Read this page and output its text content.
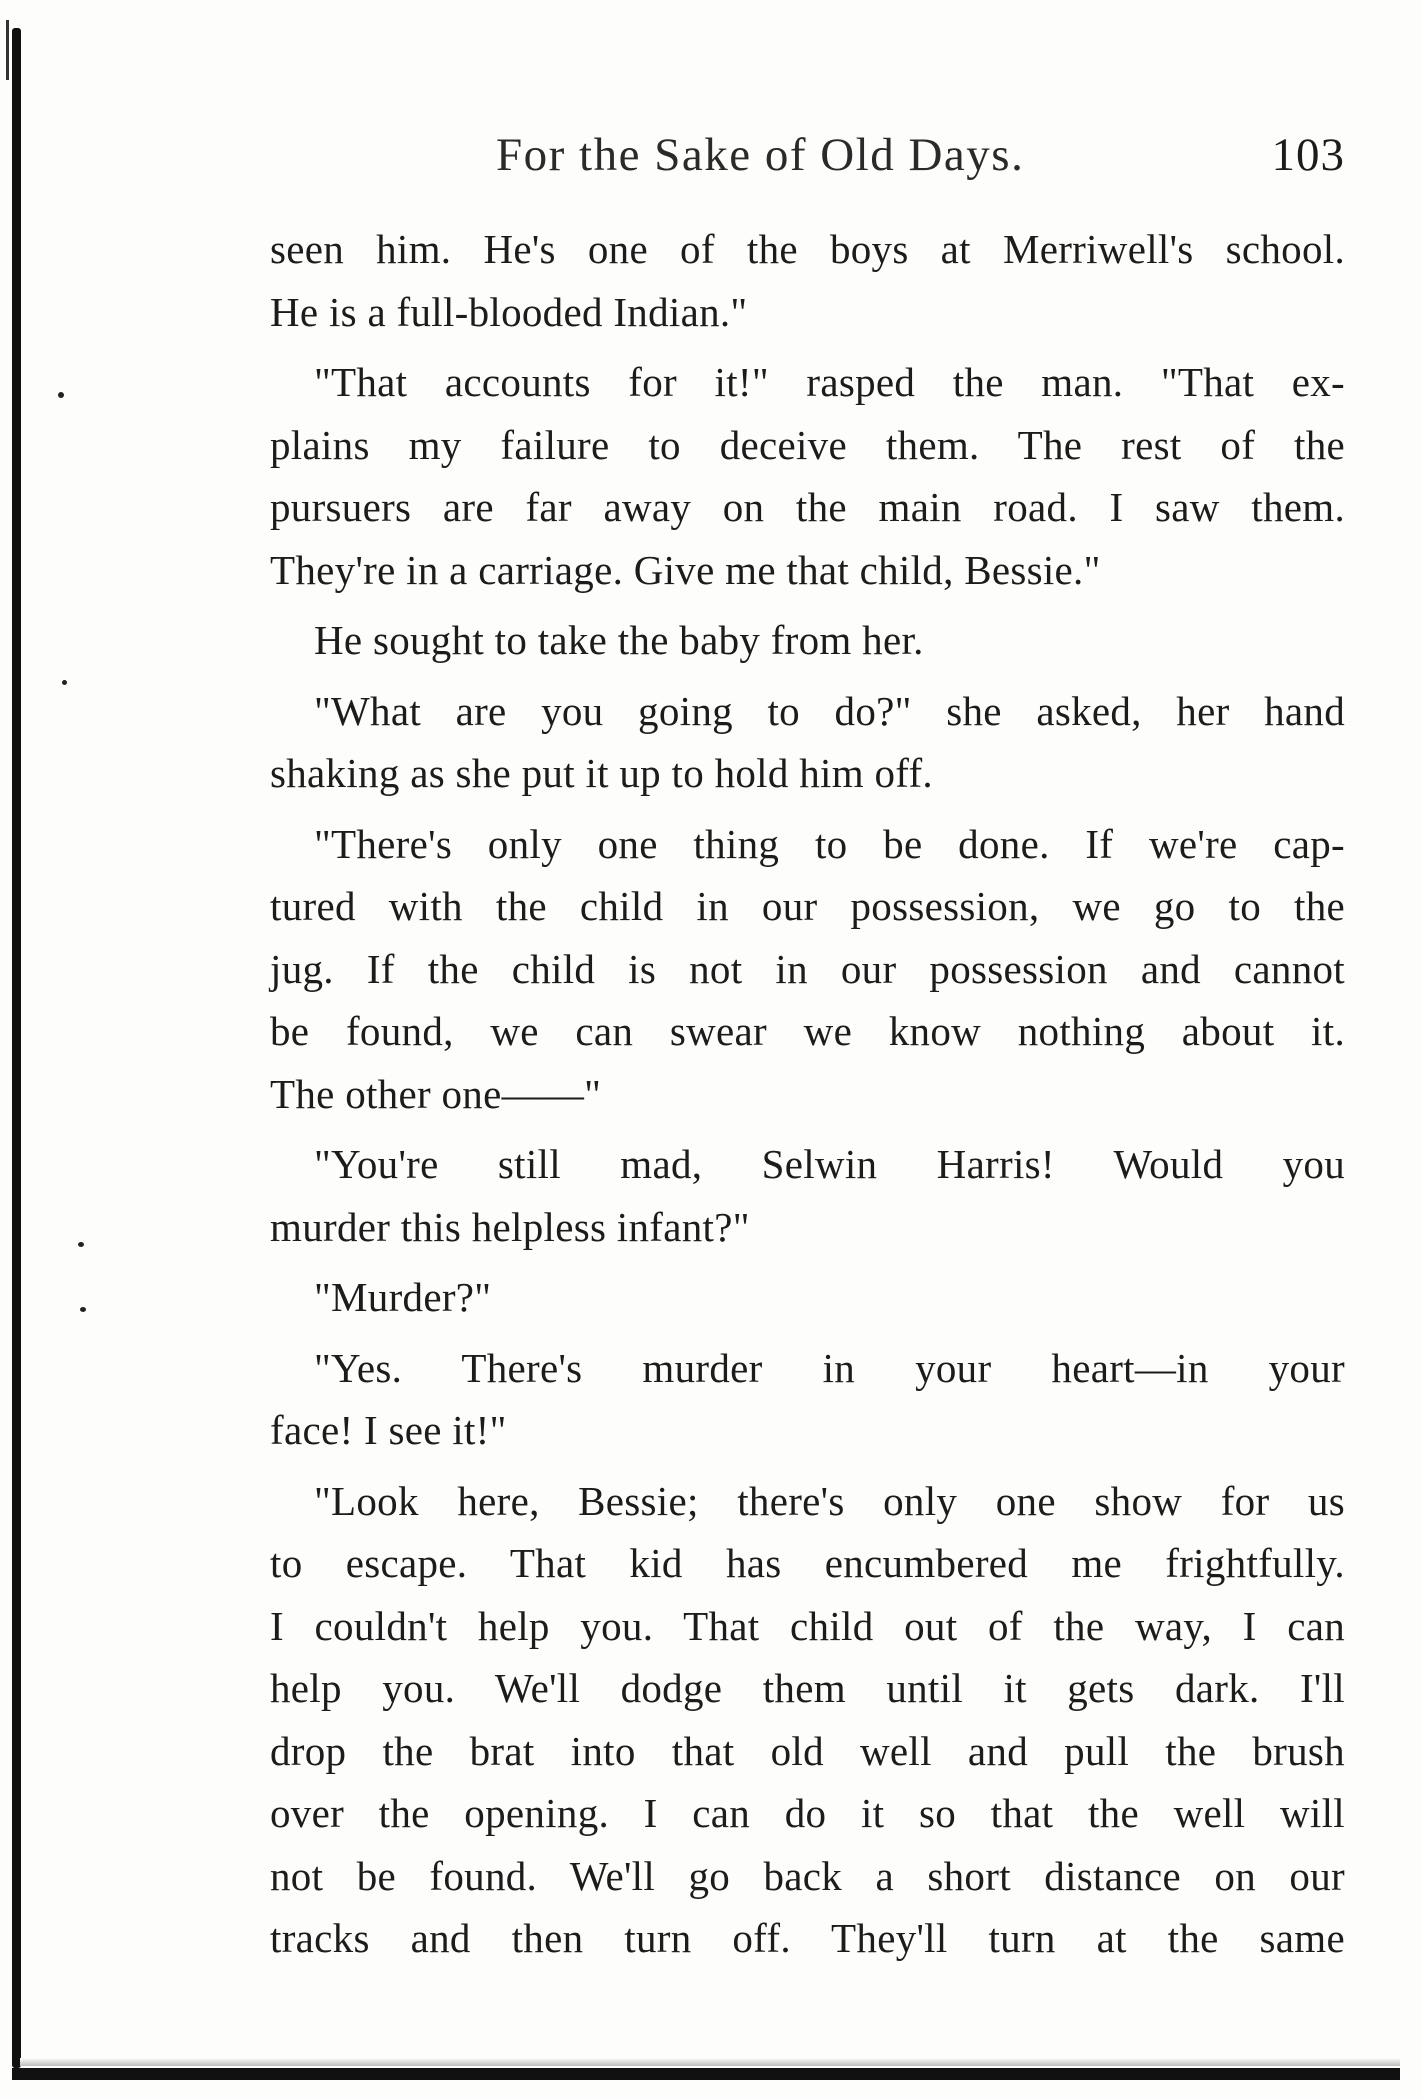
For the Sake of Old Days.	103
seen him. He's one of the boys at Merriwell's school.
He is a full-blooded Indian."
"That accounts for it!" rasped the man. "That ex-
plains my failure to deceive them. The rest of the
pursuers are far away on the main road. I saw them.
They're in a carriage. Give me that child, Bessie."
He sought to take the baby from her.
"What are you going to do?" she asked, her hand
shaking as she put it up to hold him off.
"There's only one thing to be done. If we're cap-
tured with the child in our possession, we go to the
jug. If the child is not in our possession and cannot
be found, we can swear we know nothing about it.
The other one——"
"You're still mad, Selwin Harris! Would you
murder this helpless infant?"
"Murder?"
"Yes. There's murder in your heart—in your
face! I see it!"
"Look here, Bessie; there's only one show for us
to escape. That kid has encumbered me frightfully.
I couldn't help you. That child out of the way, I can
help you. We'll dodge them until it gets dark. I'll
drop the brat into that old well and pull the brush
over the opening. I can do it so that the well will
not be found. We'll go back a short distance on our
tracks and then turn off. They'll turn at the same
